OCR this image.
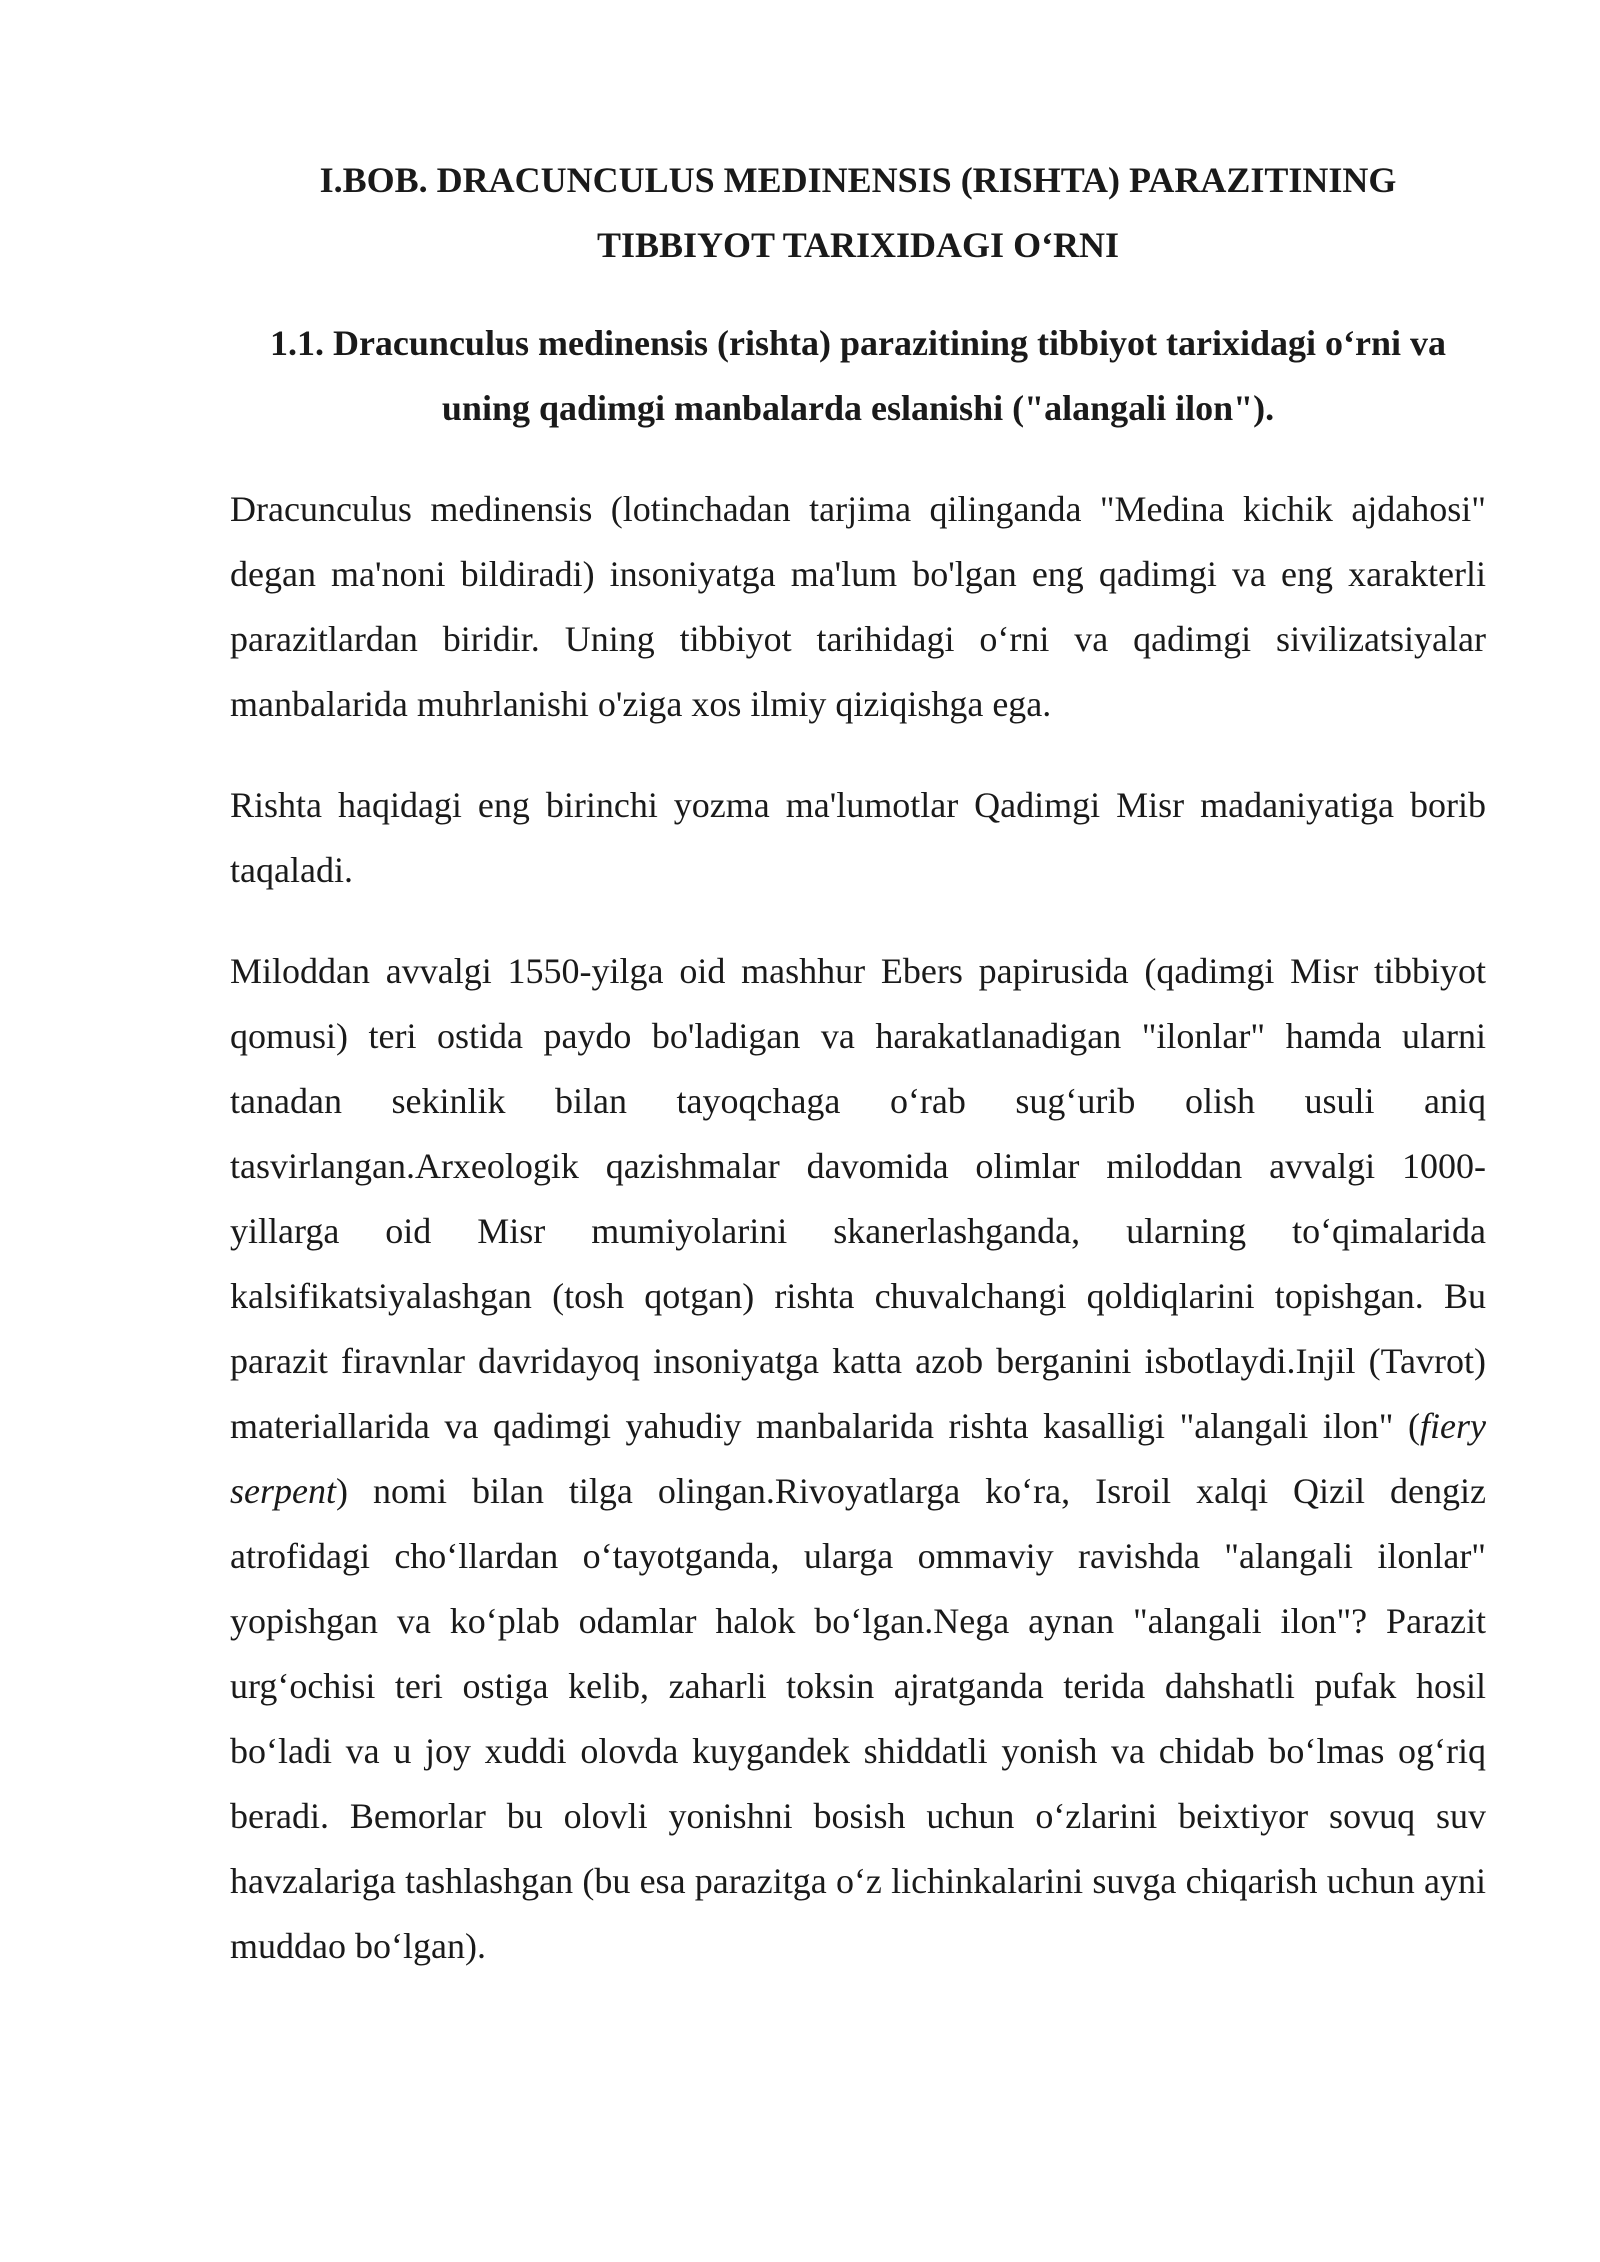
I.BOB. DRACUNCULUS MEDINENSIS (RISHTA) PARAZITINING
TIBBIYOT TARIXIDAGI O‘RNI
1.1. Dracunculus medinensis (rishta) parazitining tibbiyot tarixidagi o‘rni va uning qadimgi manbalarda eslanishi ("alangali ilon").

Dracunculus medinensis (lotinchadan tarjima qilinganda "Medina kichik ajdahosi" degan ma'noni bildiradi) insoniyatga ma'lum bo'lgan eng qadimgi va eng xarakterli parazitlardan biridir. Uning tibbiyot tarihidagi o‘rni va qadimgi sivilizatsiyalar manbalarida muhrlanishi o'ziga xos ilmiy qiziqishga ega.

Rishta haqidagi eng birinchi yozma ma'lumotlar Qadimgi Misr madaniyatiga borib taqaladi.

Miloddan avvalgi 1550-yilga oid mashhur Ebers papirusida (qadimgi Misr tibbiyot qomusi) teri ostida paydo bo'ladigan va harakatlanadigan "ilonlar" hamda ularni tanadan sekinlik bilan tayoqchaga o‘rab sug‘urib olish usuli aniq tasvirlangan.Arxeologik qazishmalar davomida olimlar miloddan avvalgi 1000-yillarga oid Misr mumiyolarini skanerlashganda, ularning to‘qimalarida kalsifikatsiyalashgan (tosh qotgan) rishta chuvalchangi qoldiqlarini topishgan. Bu parazit firavnlar davridayoq insoniyatga katta azob berganini isbotlaydi.Injil (Tavrot) materiallarida va qadimgi yahudiy manbalarida rishta kasalligi "alangali ilon" (fiery serpent) nomi bilan tilga olingan.Rivoyatlarga ko‘ra, Isroil xalqi Qizil dengiz atrofidagi cho‘llardan o‘tayotganda, ularga ommaviy ravishda "alangali ilonlar" yopishgan va ko‘plab odamlar halok bo‘lgan.Nega aynan "alangali ilon"? Parazit urg‘ochisi teri ostiga kelib, zaharli toksin ajratganda terida dahshatli pufak hosil bo‘ladi va u joy xuddi olovda kuygandek shiddatli yonish va chidab bo‘lmas og‘riq beradi. Bemorlar bu olovli yonishni bosish uchun o‘zlarini beixtiyor sovuq suv havzalariga tashlashgan (bu esa parazitga o‘z lichinkalarini suvga chiqarish uchun ayni muddao bo‘lgan).
